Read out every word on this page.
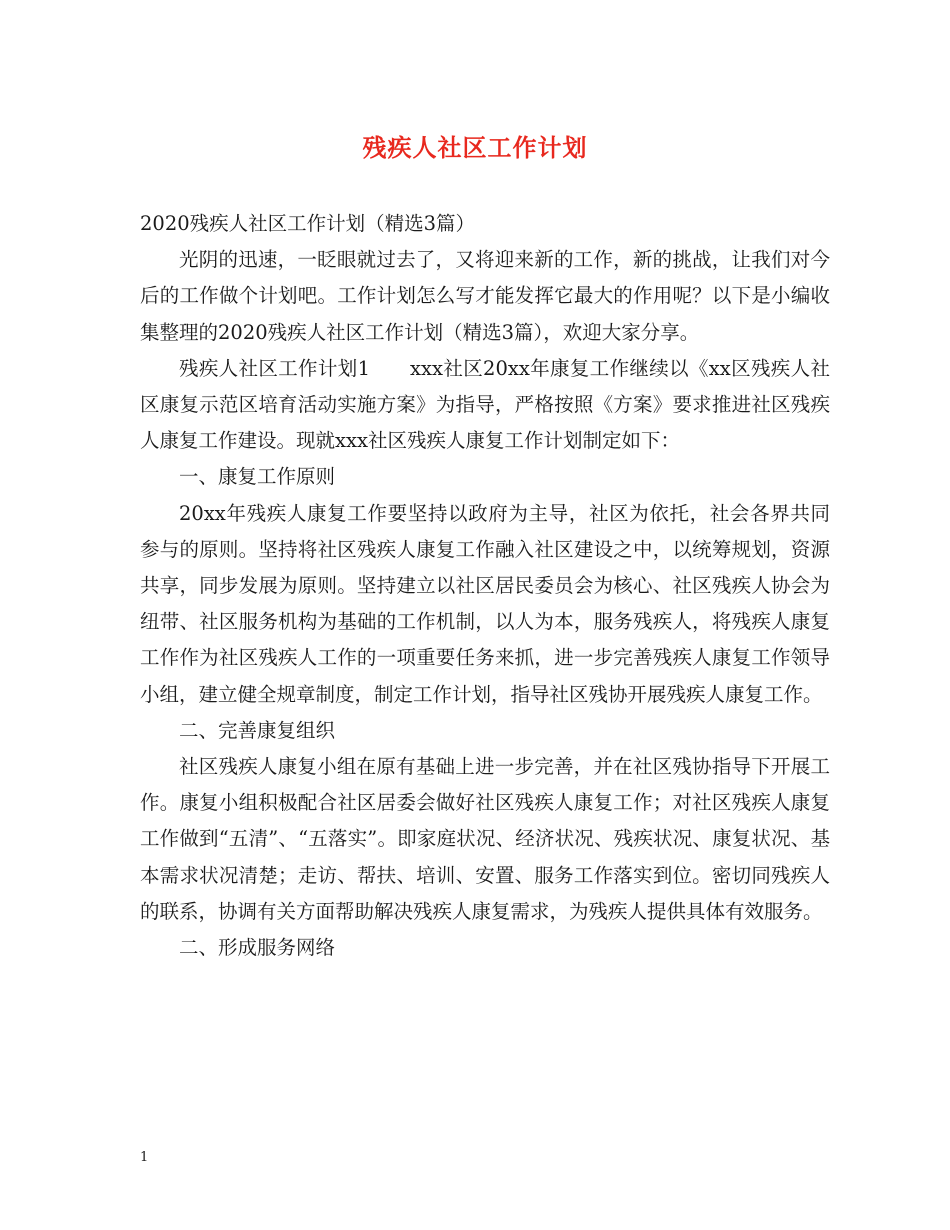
残疾人社区工作计划

2020残疾人社区工作计划（精选3篇）

光阴的迅速，一眨眼就过去了，又将迎来新的工作，新的挑战，让我们对今后的工作做个计划吧。工作计划怎么写才能发挥它最大的作用呢？以下是小编收集整理的2020残疾人社区工作计划（精选3篇），欢迎大家分享。

残疾人社区工作计划1　　xxx社区20xx年康复工作继续以《xx区残疾人社区康复示范区培育活动实施方案》为指导，严格按照《方案》要求推进社区残疾人康复工作建设。现就xxx社区残疾人康复工作计划制定如下：

一、康复工作原则

20xx年残疾人康复工作要坚持以政府为主导，社区为依托，社会各界共同参与的原则。坚持将社区残疾人康复工作融入社区建设之中，以统筹规划，资源共享，同步发展为原则。坚持建立以社区居民委员会为核心、社区残疾人协会为纽带、社区服务机构为基础的工作机制，以人为本，服务残疾人，将残疾人康复工作作为社区残疾人工作的一项重要任务来抓，进一步完善残疾人康复工作领导小组，建立健全规章制度，制定工作计划，指导社区残协开展残疾人康复工作。

二、完善康复组织

社区残疾人康复小组在原有基础上进一步完善，并在社区残协指导下开展工作。康复小组积极配合社区居委会做好社区残疾人康复工作；对社区残疾人康复工作做到“五清”、“五落实”。即家庭状况、经济状况、残疾状况、康复状况、基本需求状况清楚；走访、帮扶、培训、安置、服务工作落实到位。密切同残疾人的联系，协调有关方面帮助解决残疾人康复需求，为残疾人提供具体有效服务。

二、形成服务网络

1
